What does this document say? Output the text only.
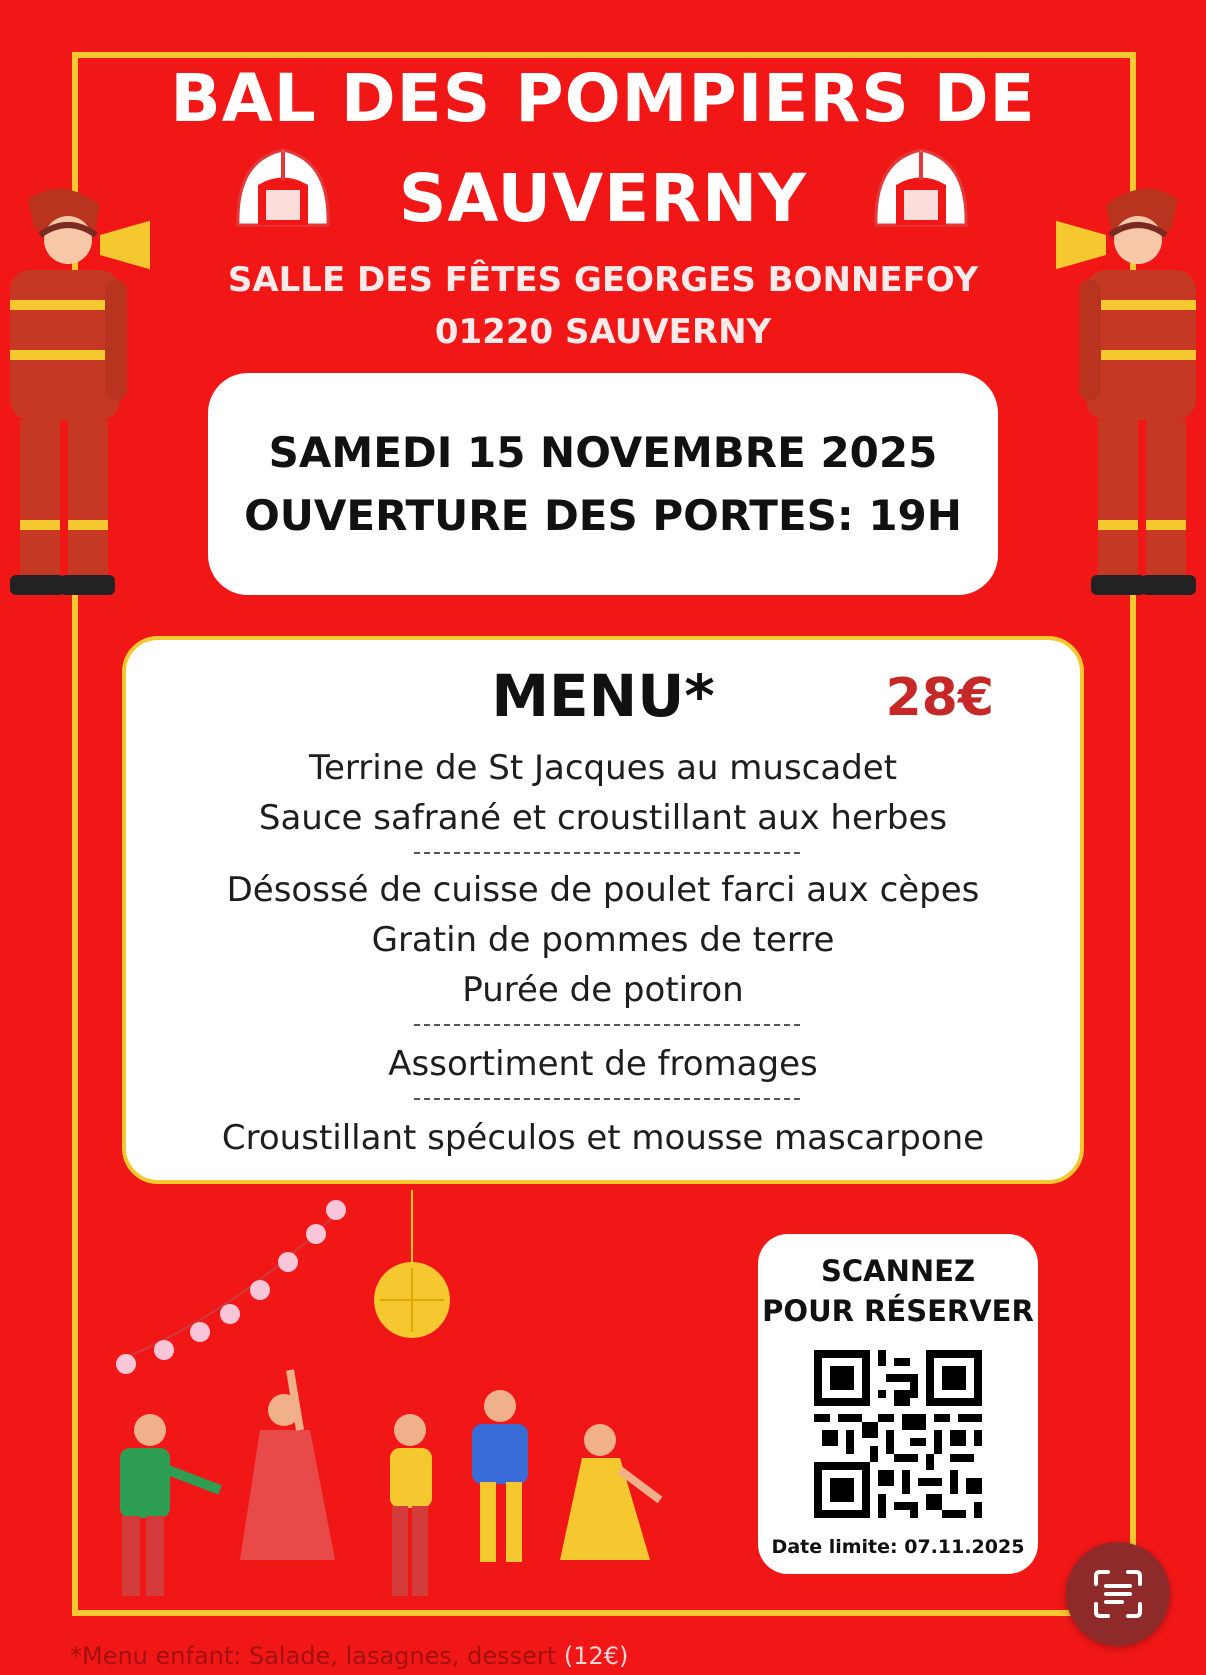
BAL DES POMPIERS DE
SAUVERNY
SALLE DES FÊTES GEORGES BONNEFOY
01220 SAUVERNY
SAMEDI 15 NOVEMBRE 2025
OUVERTURE DES PORTES: 19H
MENU*	28€
Terrine de St Jacques au muscadet
Sauce safrané et croustillant aux herbes
Désossé de cuisse de poulet farci aux cèpes
Gratin de pommes de terre
Purée de potiron
Assortiment de fromages
Croustillant spéculos et mousse mascarpone
SCANNEZ
POUR RÉSERVER
Date limite: 07.11.2025
*Menu enfant: Salade, lasagnes, dessert (12€)
